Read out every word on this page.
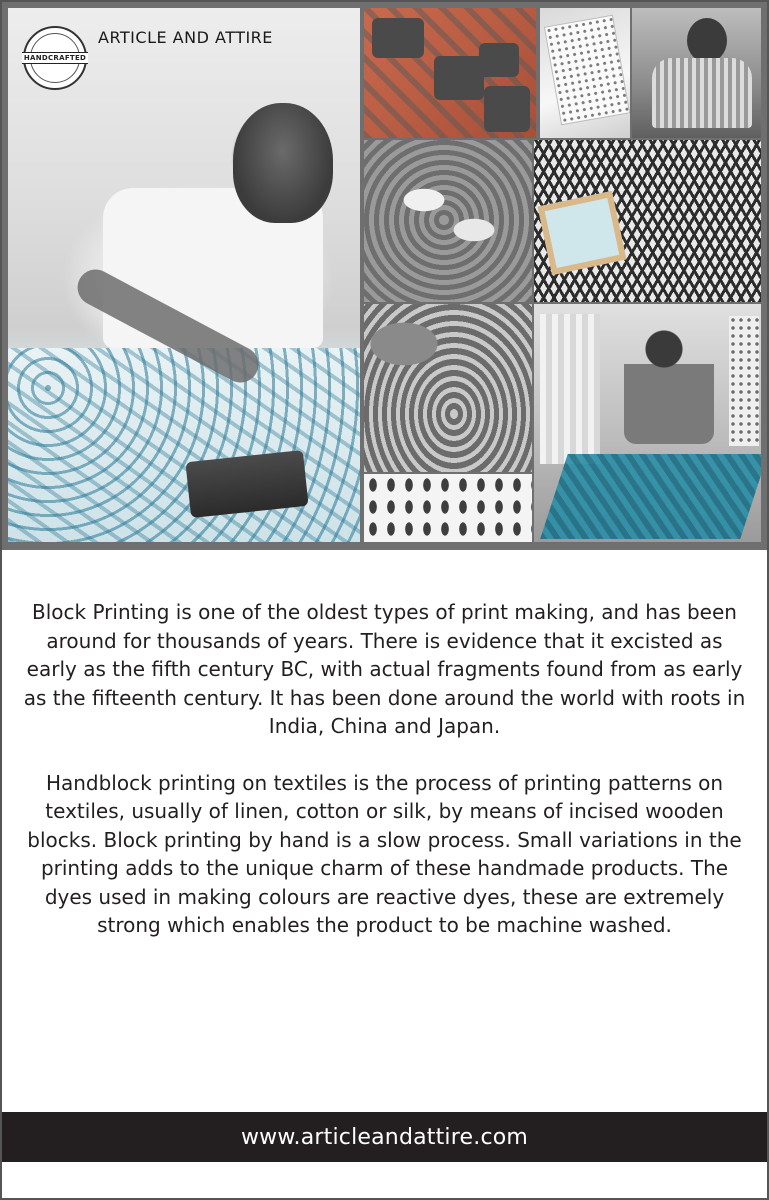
HANDCRAFTED
ARTICLE AND ATTIRE

Block Printing is one of the oldest types of print making, and has been around for thousands of years. There is evidence that it excisted as early as the fifth century BC, with actual fragments found from as early as the fifteenth century. It has been done around the world with roots in India, China and Japan.

Handblock printing on textiles is the process of printing patterns on textiles, usually of linen, cotton or silk, by means of incised wooden blocks. Block printing by hand is a slow process. Small variations in the printing adds to the unique charm of these handmade products. The dyes used in making colours are reactive dyes, these are extremely strong which enables the product to be machine washed.

www.articleandattire.com
